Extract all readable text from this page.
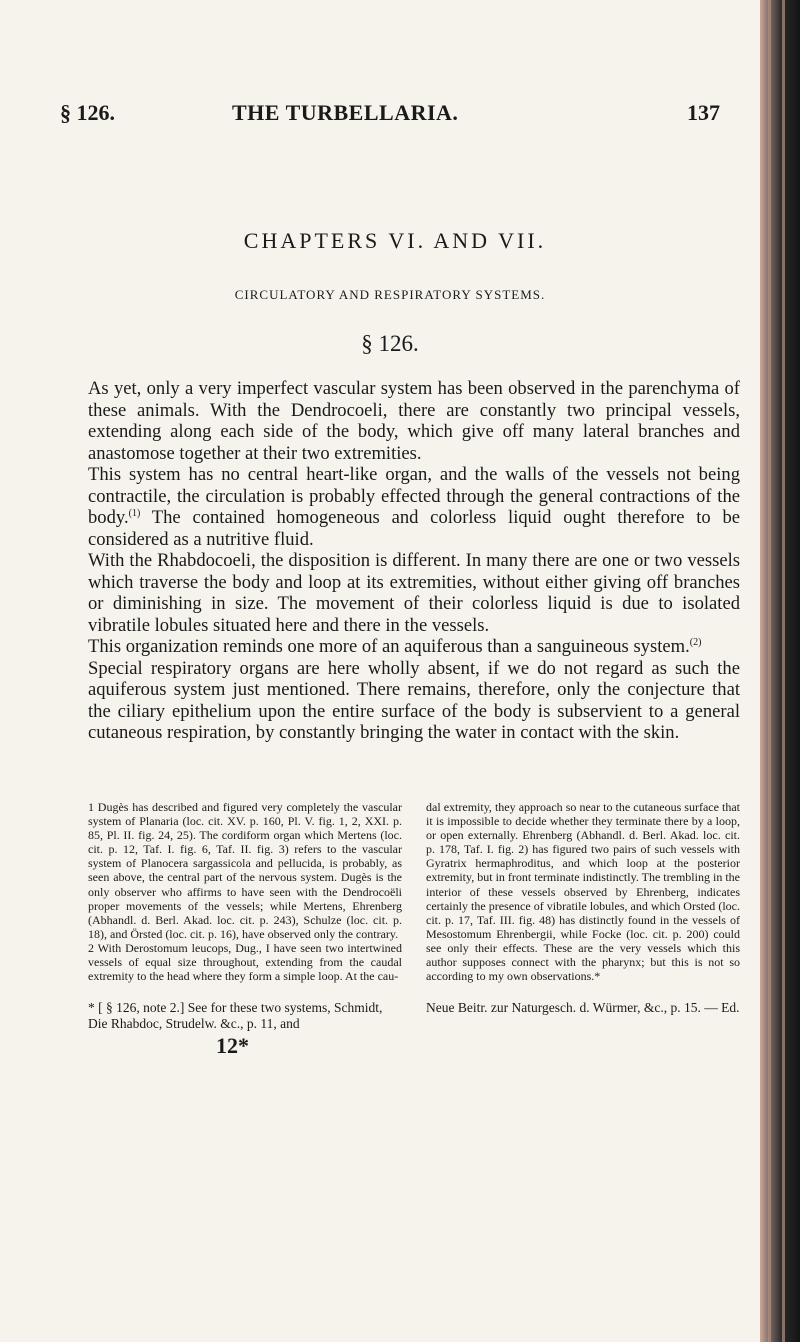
§ 126.	THE TURBELLARIA.	137
CHAPTERS VI. AND VII.
CIRCULATORY AND RESPIRATORY SYSTEMS.
§ 126.

As yet, only a very imperfect vascular system has been observed in the parenchyma of these animals. With the Dendrocoeli, there are constantly two principal vessels, extending along each side of the body, which give off many lateral branches and anastomose together at their two extremities.

This system has no central heart-like organ, and the walls of the vessels not being contractile, the circulation is probably effected through the general contractions of the body.$^{(1)}$ The contained homogeneous and colorless liquid ought therefore to be considered as a nutritive fluid.

With the Rhabdocoeli, the disposition is different. In many there are one or two vessels which traverse the body and loop at its extremities, without either giving off branches or diminishing in size. The movement of their colorless liquid is due to isolated vibratile lobules situated here and there in the vessels.

This organization reminds one more of an aquiferous than a sanguineous system.$^{(2)}$

Special respiratory organs are here wholly absent, if we do not regard as such the aquiferous system just mentioned. There remains, therefore, only the conjecture that the ciliary epithelium upon the entire surface of the body is subservient to a general cutaneous respiration, by constantly bringing the water in contact with the skin.

1 Dugès has described and figured very completely the vascular system of Planaria (loc. cit. XV. p. 160, Pl. V. fig. 1, 2, XXI. p. 85, Pl. II. fig. 24, 25). The cordiform organ which Mertens (loc. cit. p. 12, Taf. I. fig. 6, Taf. II. fig. 3) refers to the vascular system of Planocera sargassicola and pellucida, is probably, as seen above, the central part of the nervous system. Dugès is the only observer who affirms to have seen with the Dendrocoëli proper movements of the vessels; while Mertens, Ehrenberg (Abhandl. d. Berl. Akad. loc. cit. p. 243), Schulze (loc. cit. p. 18), and Örsted (loc. cit. p. 16), have observed only the contrary.

2 With Derostomum leucops, Dug., I have seen two intertwined vessels of equal size throughout, extending from the caudal extremity to the head where they form a simple loop. At the cau-

dal extremity, they approach so near to the cutaneous surface that it is impossible to decide whether they terminate there by a loop, or open externally. Ehrenberg (Abhandl. d. Berl. Akad. loc. cit. p. 178, Taf. I. fig. 2) has figured two pairs of such vessels with Gyratrix hermaphroditus, and which loop at the posterior extremity, but in front terminate indistinctly. The trembling in the interior of these vessels observed by Ehrenberg, indicates certainly the presence of vibratile lobules, and which Orsted (loc. cit. p. 17, Taf. III. fig. 48) has distinctly found in the vessels of Mesostomum Ehrenbergii, while Focke (loc. cit. p. 200) could see only their effects. These are the very vessels which this author supposes connect with the pharynx; but this is not so according to my own observations.*

* [ § 126, note 2.] See for these two systems, Schmidt, Die Rhabdoc, Strudelw. &c., p. 11, and
Neue Beitr. zur Naturgesch. d. Würmer, &c., p. 15. — Ed.
12*
